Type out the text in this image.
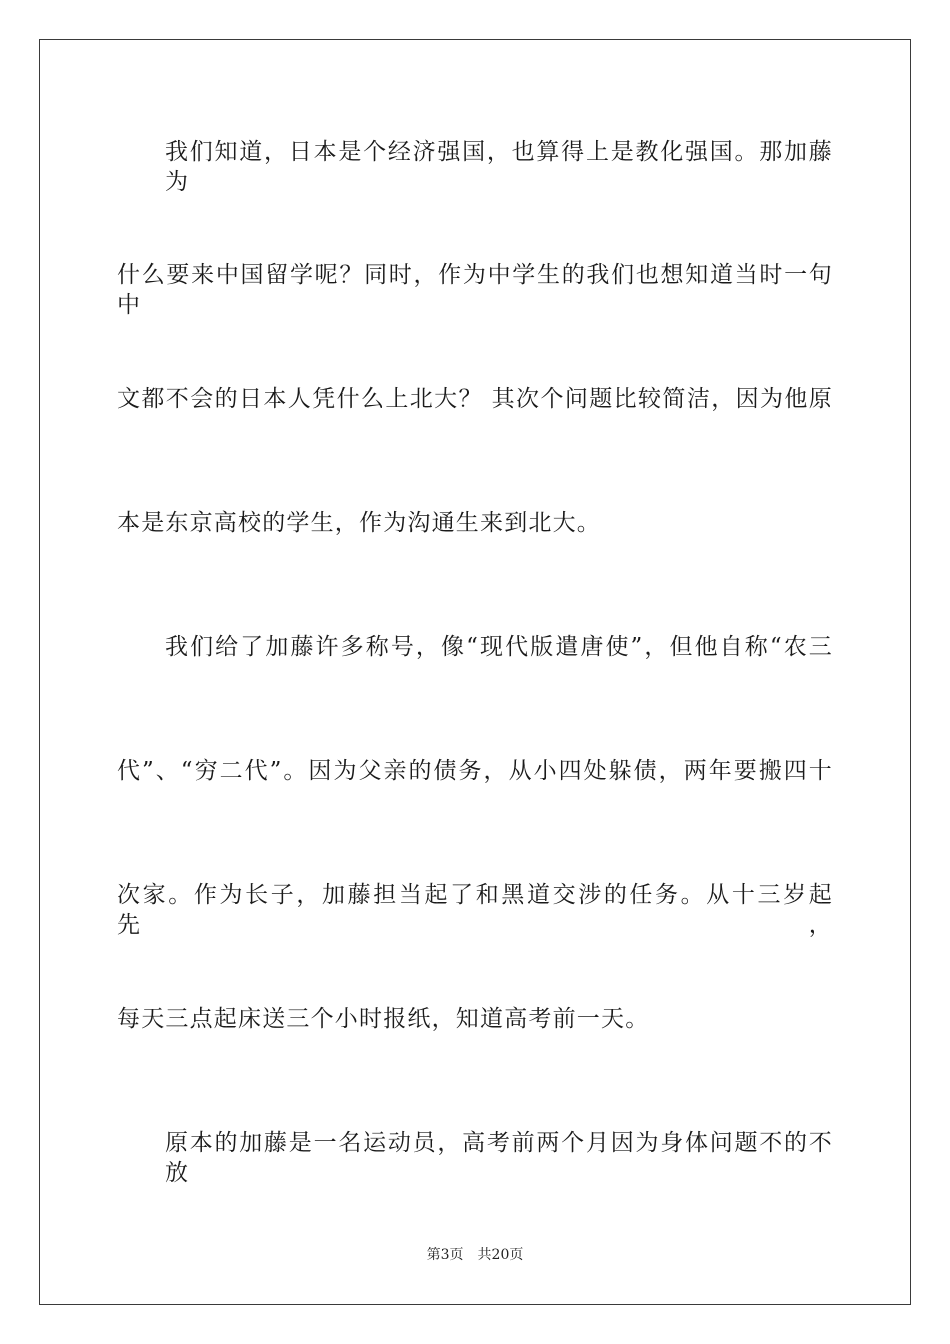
我们知道，日本是个经济强国，也算得上是教化强国。那加藤为
什么要来中国留学呢？同时，作为中学生的我们也想知道当时一句中
文都不会的日本人凭什么上北大？ 其次个问题比较简洁，因为他原
本是东京高校的学生，作为沟通生来到北大。
我们给了加藤许多称号，像“现代版遣唐使”，但他自称“农三
代”、“穷二代”。因为父亲的债务，从小四处躲债，两年要搬四十
次家。作为长子，加藤担当起了和黑道交涉的任务。从十三岁起先，
每天三点起床送三个小时报纸，知道高考前一天。
原本的加藤是一名运动员，高考前两个月因为身体问题不的不放
第3页 共20页
